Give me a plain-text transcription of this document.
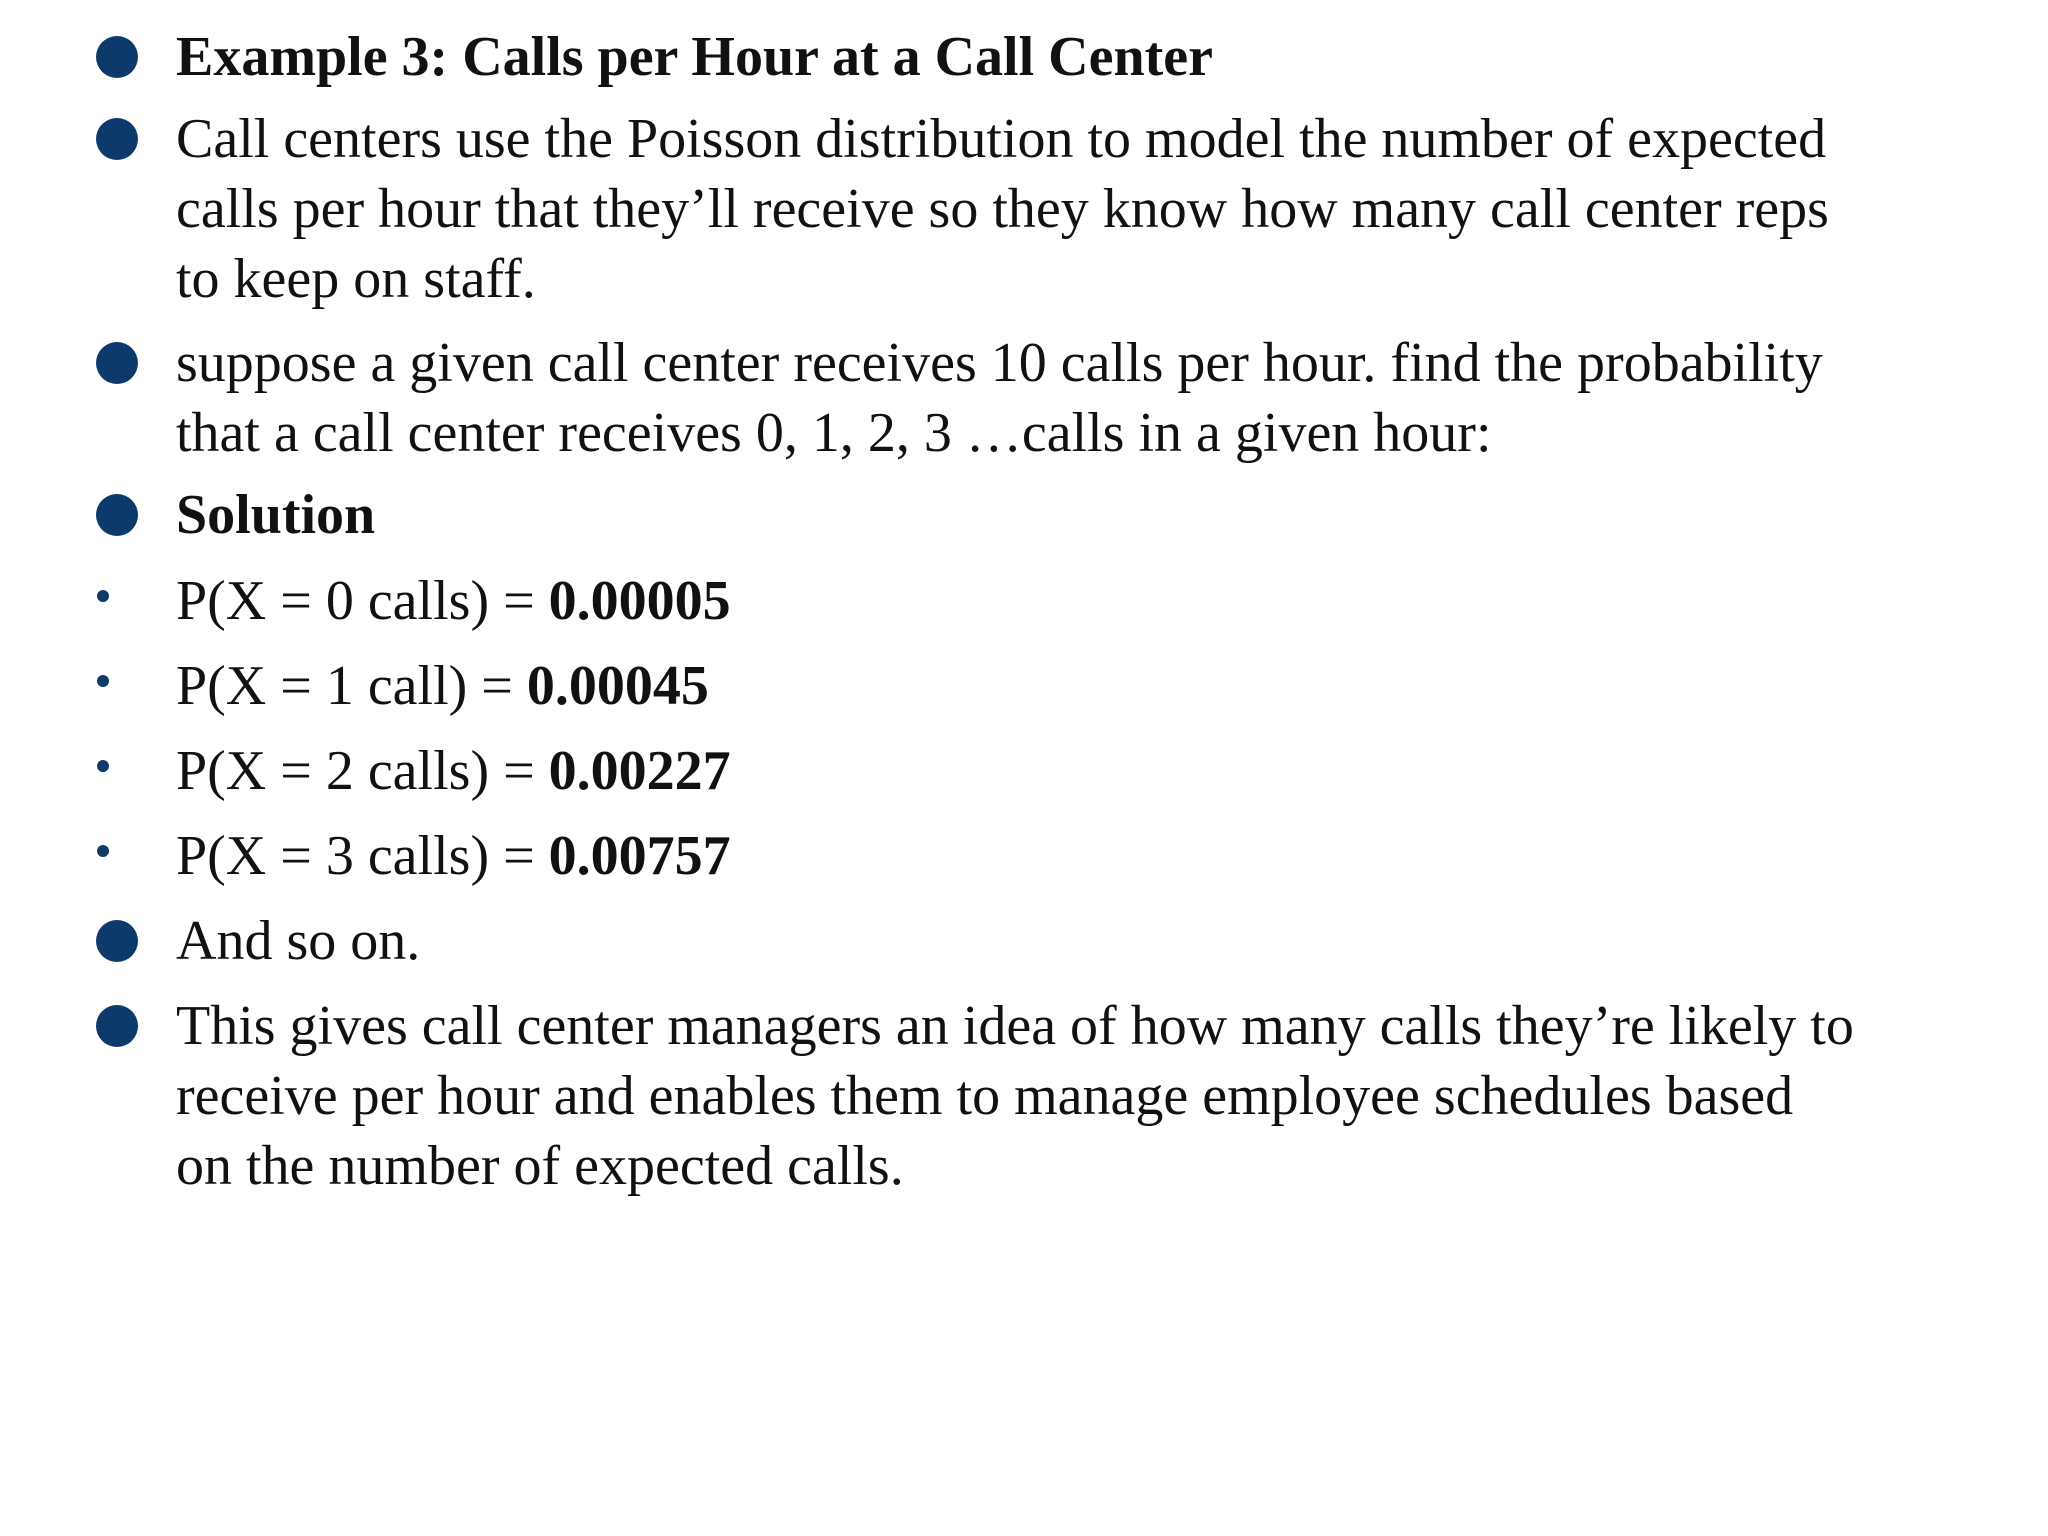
Example 3: Calls per Hour at a Call Center
Call centers use the Poisson distribution to model the number of expected
calls per hour that they’ll receive so they know how many call center reps
to keep on staff.
suppose a given call center receives 10 calls per hour. find the probability
that a call center receives 0, 1, 2, 3 …calls in a given hour:
Solution
P(X = 0 calls) = 0.00005
P(X = 1 call) = 0.00045
P(X = 2 calls) = 0.00227
P(X = 3 calls) = 0.00757
And so on.
This gives call center managers an idea of how many calls they’re likely to
receive per hour and enables them to manage employee schedules based
on the number of expected calls.
